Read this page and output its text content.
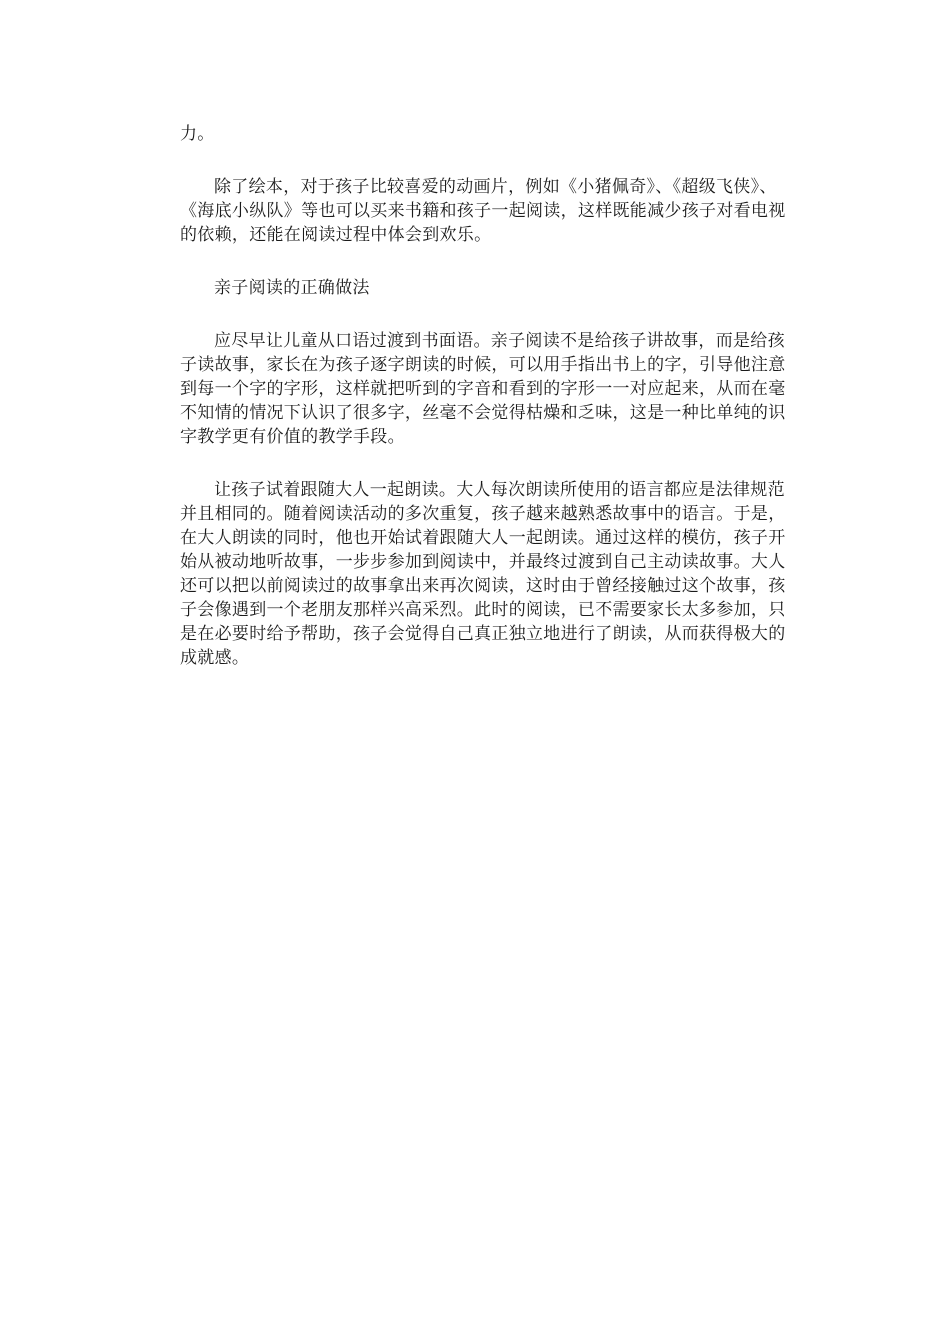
力。
除了绘本，对于孩子比较喜爱的动画片，例如《小猪佩奇》、《超级飞侠》、
《海底小纵队》等也可以买来书籍和孩子一起阅读，这样既能减少孩子对看电视
的依赖，还能在阅读过程中体会到欢乐。
亲子阅读的正确做法
应尽早让儿童从口语过渡到书面语。亲子阅读不是给孩子讲故事，而是给孩
子读故事，家长在为孩子逐字朗读的时候，可以用手指出书上的字，引导他注意
到每一个字的字形，这样就把听到的字音和看到的字形一一对应起来，从而在毫
不知情的情况下认识了很多字，丝毫不会觉得枯燥和乏味，这是一种比单纯的识
字教学更有价值的教学手段。
让孩子试着跟随大人一起朗读。大人每次朗读所使用的语言都应是法律规范
并且相同的。随着阅读活动的多次重复，孩子越来越熟悉故事中的语言。于是，
在大人朗读的同时，他也开始试着跟随大人一起朗读。通过这样的模仿，孩子开
始从被动地听故事，一步步参加到阅读中，并最终过渡到自己主动读故事。大人
还可以把以前阅读过的故事拿出来再次阅读，这时由于曾经接触过这个故事，孩
子会像遇到一个老朋友那样兴高采烈。此时的阅读，已不需要家长太多参加，只
是在必要时给予帮助，孩子会觉得自己真正独立地进行了朗读，从而获得极大的
成就感。
